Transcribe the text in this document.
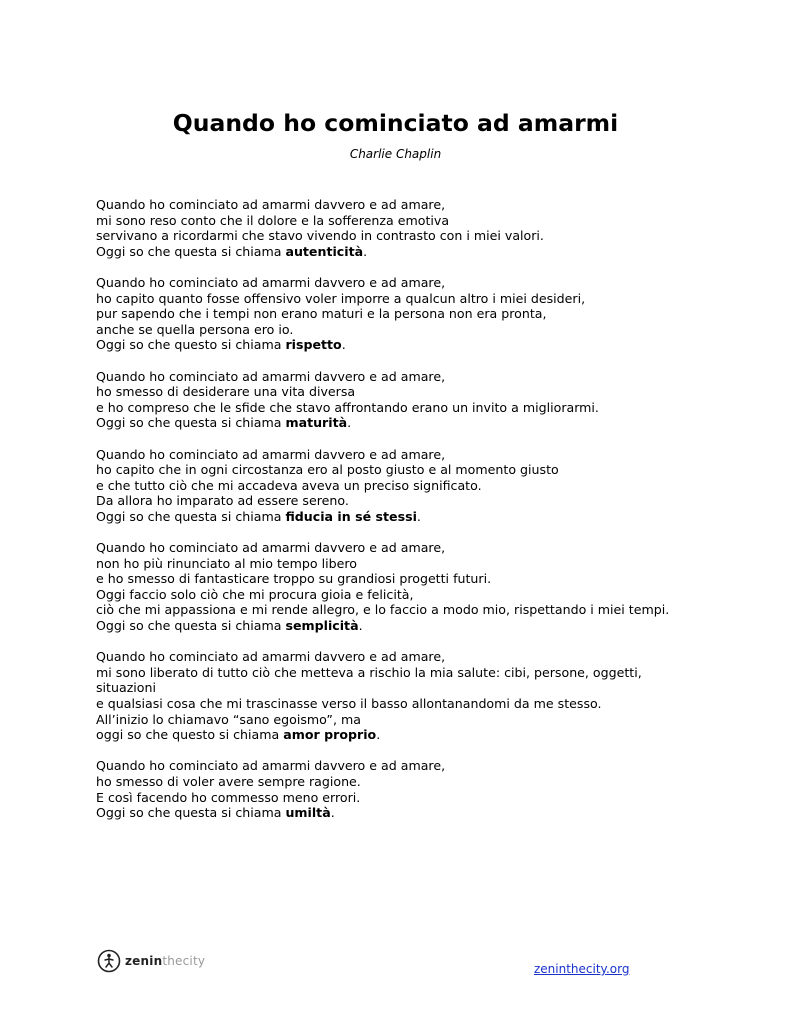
Quando ho cominciato ad amarmi
Charlie Chaplin
Quando ho cominciato ad amarmi davvero e ad amare,
mi sono reso conto che il dolore e la sofferenza emotiva
servivano a ricordarmi che stavo vivendo in contrasto con i miei valori.
Oggi so che questa si chiama autenticità.
Quando ho cominciato ad amarmi davvero e ad amare,
ho capito quanto fosse offensivo voler imporre a qualcun altro i miei desideri,
pur sapendo che i tempi non erano maturi e la persona non era pronta,
anche se quella persona ero io.
Oggi so che questo si chiama rispetto.
Quando ho cominciato ad amarmi davvero e ad amare,
ho smesso di desiderare una vita diversa
e ho compreso che le sfide che stavo affrontando erano un invito a migliorarmi.
Oggi so che questa si chiama maturità.
Quando ho cominciato ad amarmi davvero e ad amare,
ho capito che in ogni circostanza ero al posto giusto e al momento giusto
e che tutto ciò che mi accadeva aveva un preciso significato.
Da allora ho imparato ad essere sereno.
Oggi so che questa si chiama fiducia in sé stessi.
Quando ho cominciato ad amarmi davvero e ad amare,
non ho più rinunciato al mio tempo libero
e ho smesso di fantasticare troppo su grandiosi progetti futuri.
Oggi faccio solo ciò che mi procura gioia e felicità,
ciò che mi appassiona e mi rende allegro, e lo faccio a modo mio, rispettando i miei tempi.
Oggi so che questa si chiama semplicità.
Quando ho cominciato ad amarmi davvero e ad amare,
mi sono liberato di tutto ciò che metteva a rischio la mia salute: cibi, persone, oggetti,
situazioni
e qualsiasi cosa che mi trascinasse verso il basso allontanandomi da me stesso.
All’inizio lo chiamavo “sano egoismo”, ma
oggi so che questo si chiama amor proprio.
Quando ho cominciato ad amarmi davvero e ad amare,
ho smesso di voler avere sempre ragione.
E così facendo ho commesso meno errori.
Oggi so che questa si chiama umiltà.
zeninthecity
zeninthecity.org
